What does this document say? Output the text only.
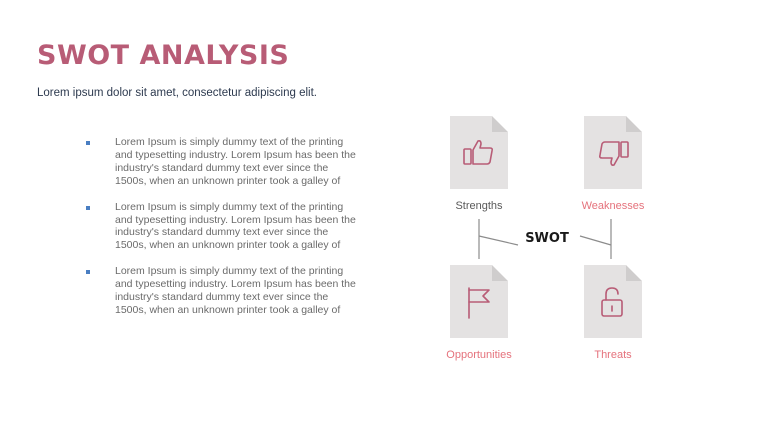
SWOT ANALYSIS
Lorem ipsum dolor sit amet, consectetur adipiscing elit.
Lorem Ipsum is simply dummy text of the printing and typesetting industry. Lorem Ipsum has been the industry's standard dummy text ever since the 1500s, when an unknown printer took a galley of
Lorem Ipsum is simply dummy text of the printing and typesetting industry. Lorem Ipsum has been the industry's standard dummy text ever since the 1500s, when an unknown printer took a galley of
Lorem Ipsum is simply dummy text of the printing and typesetting industry. Lorem Ipsum has been the industry's standard dummy text ever since the 1500s, when an unknown printer took a galley of
Strengths	Weaknesses
SWOT
Opportunities	Threats
